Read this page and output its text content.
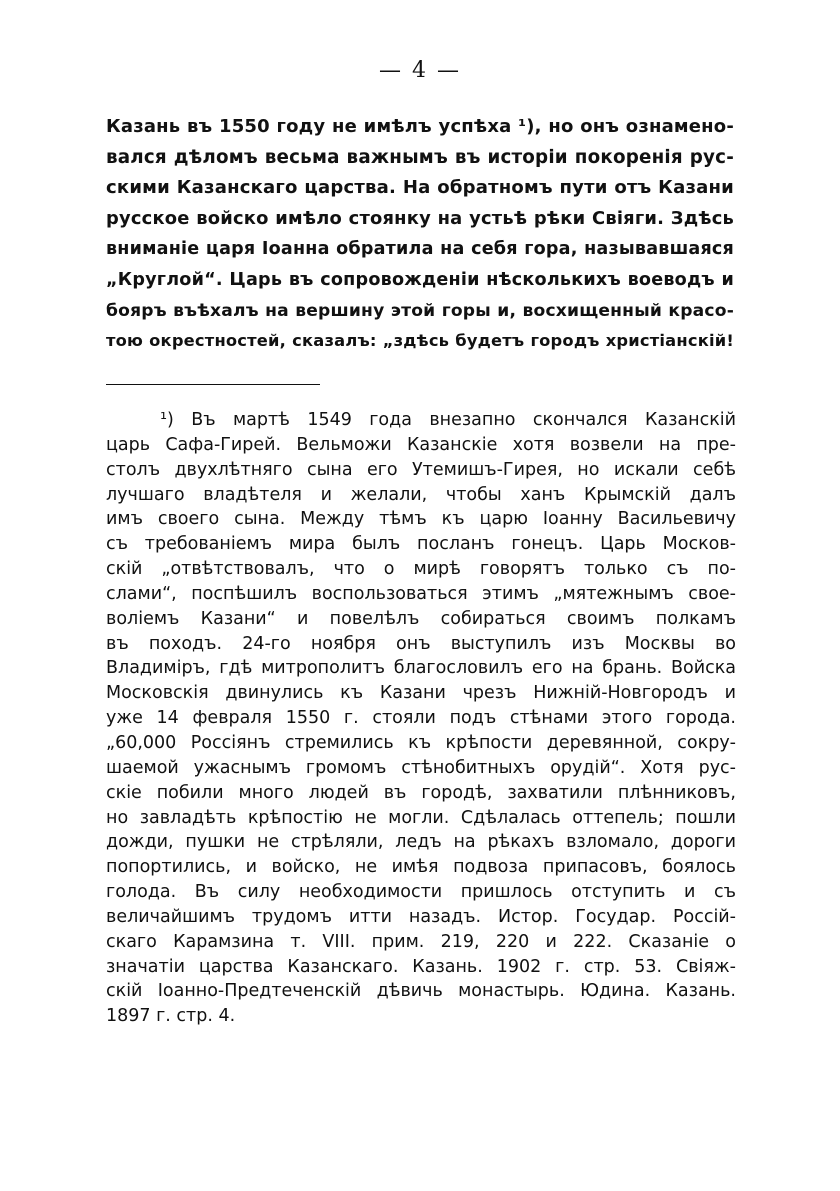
— 4 —
Казань въ 1550 году не имѣлъ успѣха ¹), но онъ ознаменo-
вался дѣломъ весьма важнымъ въ исторіи покоренія рус-
скими Казанскаго царства. На обратномъ пути отъ Казани
русское войско имѣло стоянку на устьѣ рѣки Свіяги. Здѣсь
вниманіе царя Іоанна обратила на себя гора, называвшаяся
„Круглой“. Царь въ сопровожденіи нѣсколькихъ воеводъ и
бояръ въѣхалъ на вершину этой горы и, восхищенный красо-
тою окрестностей, сказалъ: „здѣсь будетъ городъ христіанскій!
¹) Въ мартѣ 1549 года внезапно скончался Казанскій
царь Сафа-Гирей. Вельможи Казанскіе хотя возвели на пре-
столъ двухлѣтняго сына его Утемишъ-Гирея, но искали себѣ
лучшаго владѣтеля и желали, чтобы ханъ Крымскій далъ
имъ своего сына. Между тѣмъ къ царю Іоанну Васильевичу
съ требованіемъ мира былъ посланъ гонецъ. Царь Москов-
скій „отвѣтствовалъ, что о мирѣ говорятъ только съ по-
слами“, поспѣшилъ воспользоваться этимъ „мятежнымъ свое-
воліемъ Казани“ и повелѣлъ собираться своимъ полкамъ
въ походъ. 24-го ноября онъ выступилъ изъ Москвы во
Владиміръ, гдѣ митрополитъ благословилъ его на брань. Войска
Московскія двинулись къ Казани чрезъ Нижній-Новгородъ и
уже 14 февраля 1550 г. стояли подъ стѣнами этого города.
„60,000 Россіянъ стремились къ крѣпости деревянной, сокру-
шаемой ужаснымъ громомъ стѣнобитныхъ орудій“. Хотя рус-
скіе побили много людей въ городѣ, захватили плѣнниковъ,
но завладѣть крѣпостію не могли. Сдѣлалась оттепель; пошли
дожди, пушки не стрѣляли, ледъ на рѣкахъ взломало, дороги
попортились, и войско, не имѣя подвоза припасовъ, боялось
голода. Въ силу необходимости пришлось отступить и съ
величайшимъ трудомъ итти назадъ. Истор. Государ. Россій-
скаго Карамзина т. VIII. прим. 219, 220 и 222. Сказаніе о
значатіи царства Казанскаго. Казань. 1902 г. стр. 53. Свіяж-
скій Іоанно-Предтеченскій дѣвичь монастырь. Юдина. Казань.
1897 г. стр. 4.
